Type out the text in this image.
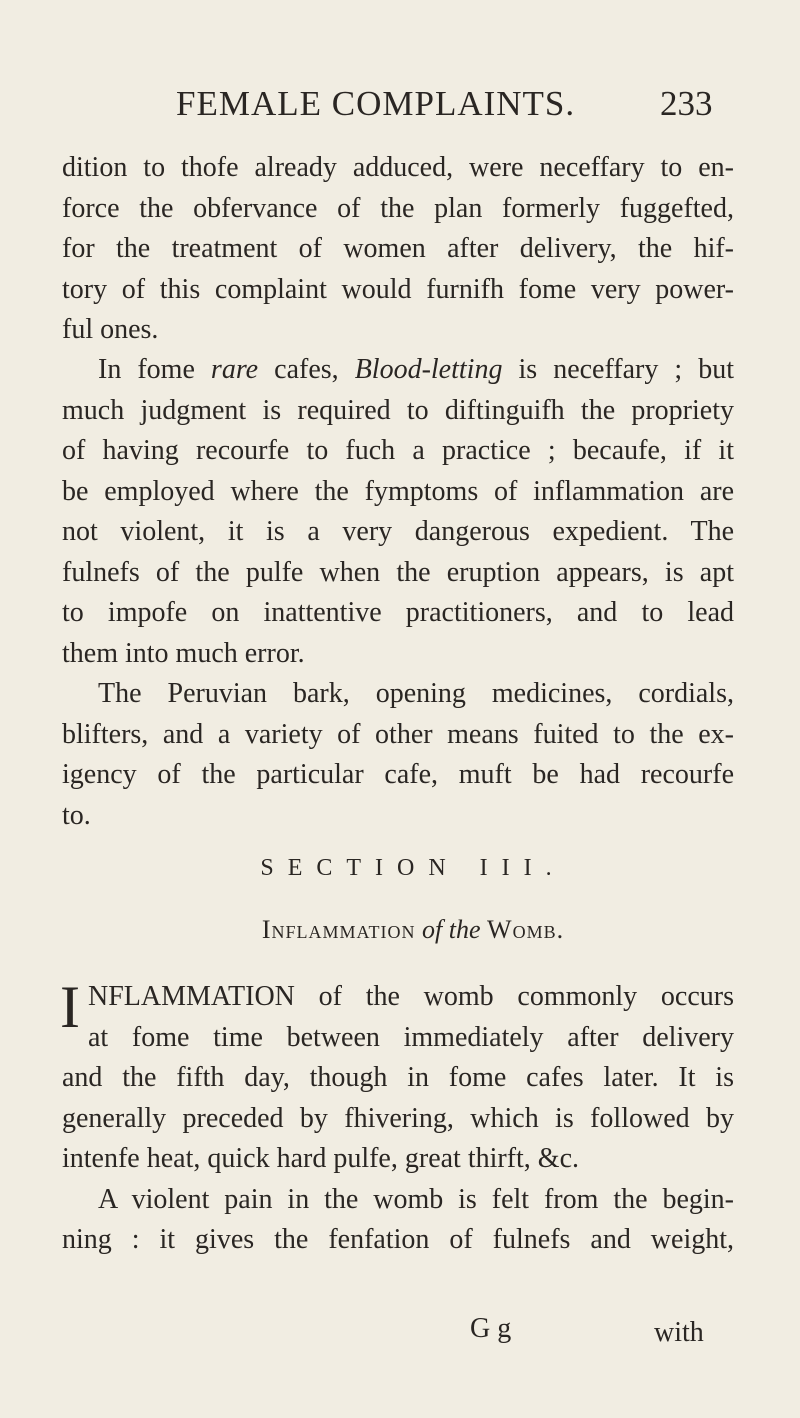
FEMALE COMPLAINTS. 233
dition to thofe already adduced, were neceffary to en-
force the obfervance of the plan formerly fuggefted,
for the treatment of women after delivery, the hif-
tory of this complaint would furnifh fome very power-
ful ones.
In fome rare cafes, Blood-letting is neceffary ; but
much judgment is required to diftinguifh the propriety
of having recourfe to fuch a practice ; becaufe, if it
be employed where the fymptoms of inflammation are
not violent, it is a very dangerous expedient. The
fulnefs of the pulfe when the eruption appears, is apt
to impofe on inattentive practitioners, and to lead
them into much error.
The Peruvian bark, opening medicines, cordials,
blifters, and a variety of other means fuited to the ex-
igency of the particular cafe, muft be had recourfe
to.
SECTION III.
Inflammation of the Womb.
I NFLAMMATION of the womb commonly occurs
at fome time between immediately after delivery
and the fifth day, though in fome cafes later. It is
generally preceded by fhivering, which is followed by
intenfe heat, quick hard pulfe, great thirft, &c.
A violent pain in the womb is felt from the begin-
ning : it gives the fenfation of fulnefs and weight,
G g	with
